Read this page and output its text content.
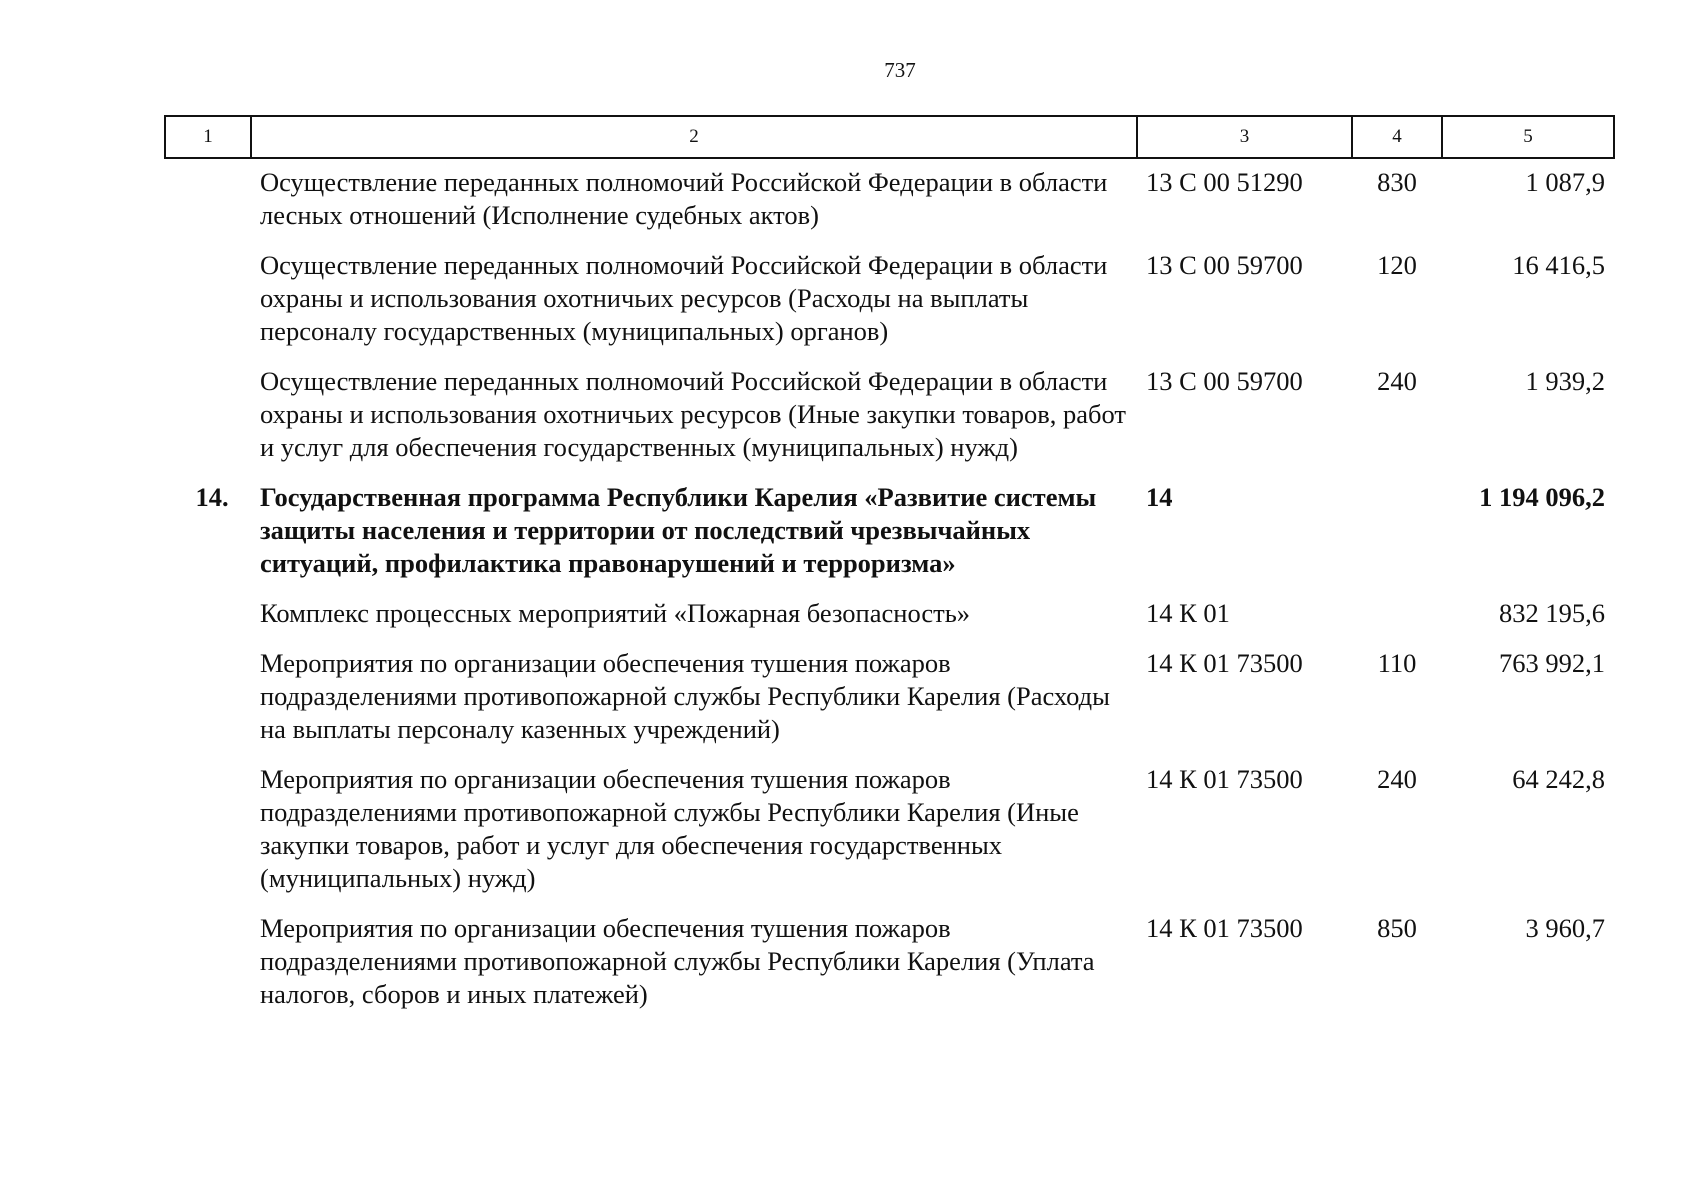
737
1	2	3	4	5
	Осуществление переданных полномочий Российской Федерации в области лесных отношений (Исполнение судебных актов)	13 С 00 51290	830	1 087,9
	Осуществление переданных полномочий Российской Федерации в области охраны и использования охотничьих ресурсов (Расходы на выплаты персоналу государственных (муниципальных) органов)	13 С 00 59700	120	16 416,5
	Осуществление переданных полномочий Российской Федерации в области охраны и использования охотничьих ресурсов (Иные закупки товаров, работ и услуг для обеспечения государственных (муниципальных) нужд)	13 С 00 59700	240	1 939,2
14.	Государственная программа Республики Карелия «Развитие системы защиты населения и территории от последствий чрезвычайных ситуаций, профилактика правонарушений и терроризма»	14		1 194 096,2
	Комплекс процессных мероприятий «Пожарная безопасность»	14 К 01		832 195,6
	Мероприятия по организации обеспечения тушения пожаров подразделениями противопожарной службы Республики Карелия (Расходы на выплаты персоналу казенных учреждений)	14 К 01 73500	110	763 992,1
	Мероприятия по организации обеспечения тушения пожаров подразделениями противопожарной службы Республики Карелия (Иные закупки товаров, работ и услуг для обеспечения государственных (муниципальных) нужд)	14 К 01 73500	240	64 242,8
	Мероприятия по организации обеспечения тушения пожаров подразделениями противопожарной службы Республики Карелия (Уплата налогов, сборов и иных платежей)	14 К 01 73500	850	3 960,7
